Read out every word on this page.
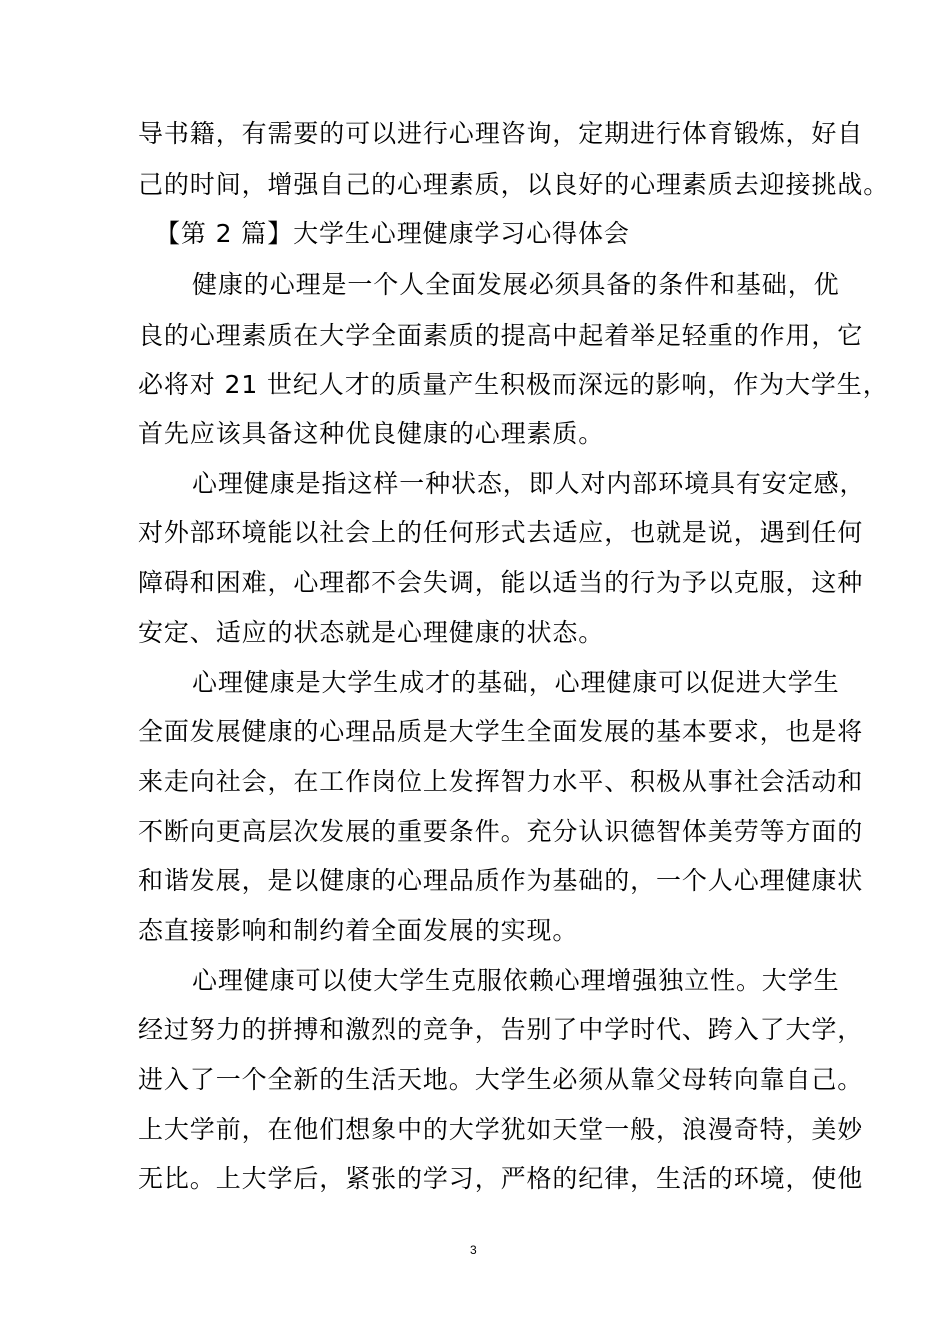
导书籍，有需要的可以进行心理咨询，定期进行体育锻炼，好自
己的时间，增强自己的心理素质，以良好的心理素质去迎接挑战。
【第 2 篇】大学生心理健康学习心得体会
健康的心理是一个人全面发展必须具备的条件和基础，优
良的心理素质在大学全面素质的提高中起着举足轻重的作用，它
必将对 21 世纪人才的质量产生积极而深远的影响，作为大学生，
首先应该具备这种优良健康的心理素质。
心理健康是指这样一种状态，即人对内部环境具有安定感，
对外部环境能以社会上的任何形式去适应，也就是说，遇到任何
障碍和困难，心理都不会失调，能以适当的行为予以克服，这种
安定、适应的状态就是心理健康的状态。
心理健康是大学生成才的基础，心理健康可以促进大学生
全面发展健康的心理品质是大学生全面发展的基本要求，也是将
来走向社会，在工作岗位上发挥智力水平、积极从事社会活动和
不断向更高层次发展的重要条件。充分认识德智体美劳等方面的
和谐发展，是以健康的心理品质作为基础的，一个人心理健康状
态直接影响和制约着全面发展的实现。
心理健康可以使大学生克服依赖心理增强独立性。大学生
经过努力的拼搏和激烈的竞争，告别了中学时代、跨入了大学，
进入了一个全新的生活天地。大学生必须从靠父母转向靠自己。
上大学前，在他们想象中的大学犹如天堂一般，浪漫奇特，美妙
无比。上大学后，紧张的学习，严格的纪律，生活的环境，使他
3
